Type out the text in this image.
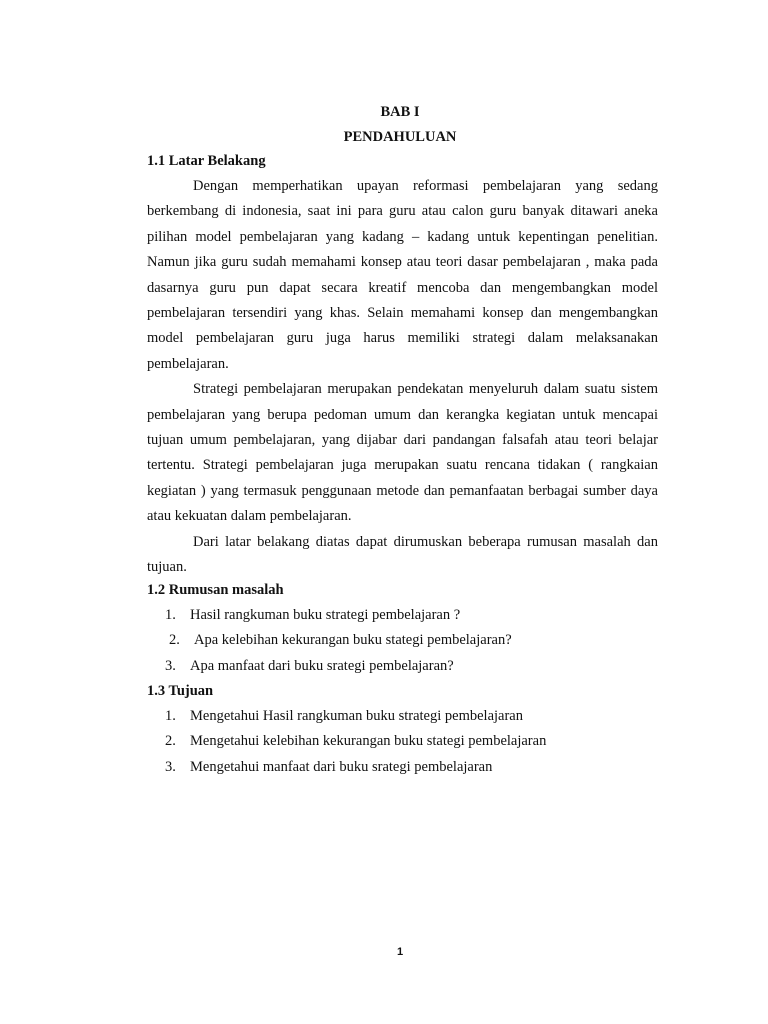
BAB I
PENDAHULUAN
1.1 Latar Belakang

Dengan memperhatikan upayan reformasi pembelajaran yang sedang berkembang di indonesia, saat ini para guru atau calon guru banyak ditawari aneka pilihan model pembelajaran yang kadang – kadang untuk kepentingan penelitian. Namun jika guru sudah memahami konsep atau teori dasar pembelajaran , maka pada dasarnya guru pun dapat secara kreatif mencoba dan mengembangkan model pembelajaran tersendiri yang khas. Selain memahami konsep dan mengembangkan model pembelajaran guru juga harus memiliki strategi dalam melaksanakan pembelajaran.

Strategi pembelajaran merupakan pendekatan menyeluruh dalam suatu sistem pembelajaran yang berupa pedoman umum dan kerangka kegiatan untuk mencapai tujuan umum pembelajaran, yang dijabar dari pandangan falsafah atau teori belajar tertentu. Strategi pembelajaran juga merupakan suatu rencana tidakan ( rangkaian kegiatan ) yang termasuk penggunaan metode dan pemanfaatan berbagai sumber daya atau kekuatan dalam pembelajaran.

Dari latar belakang diatas dapat dirumuskan beberapa rumusan masalah dan tujuan.

1.2 Rumusan masalah
1. Hasil rangkuman buku strategi pembelajaran ?
2. Apa kelebihan kekurangan buku stategi pembelajaran?
3. Apa manfaat dari buku srategi pembelajaran?
1.3 Tujuan
1. Mengetahui Hasil rangkuman buku strategi pembelajaran
2. Mengetahui kelebihan kekurangan buku stategi pembelajaran
3. Mengetahui manfaat dari buku srategi pembelajaran
1
